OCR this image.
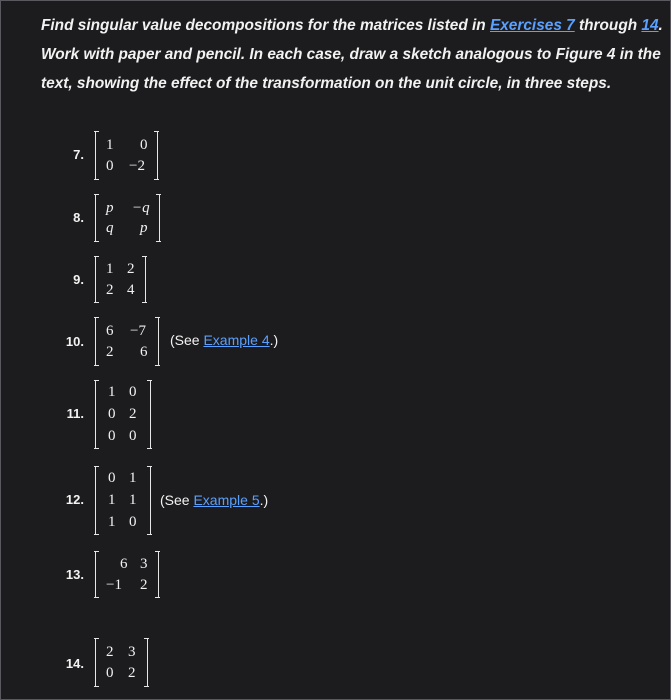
Find singular value decompositions for the matrices listed in Exercises 7 through 14. Work with paper and pencil. In each case, draw a sketch analogous to Figure 4 in the text, showing the effect of the transformation on the unit circle, in three steps.

7.
1 0
0 −2
8.
p −q
q p
9.
1 2
2 4
10.
6 −7
2 6
(See Example 4.)
11.
1 0
0 2
0 0
12.
0 1
1 1
1 0
(See Example 5.)
13.
6 3
−1 2
14.
2 3
0 2
